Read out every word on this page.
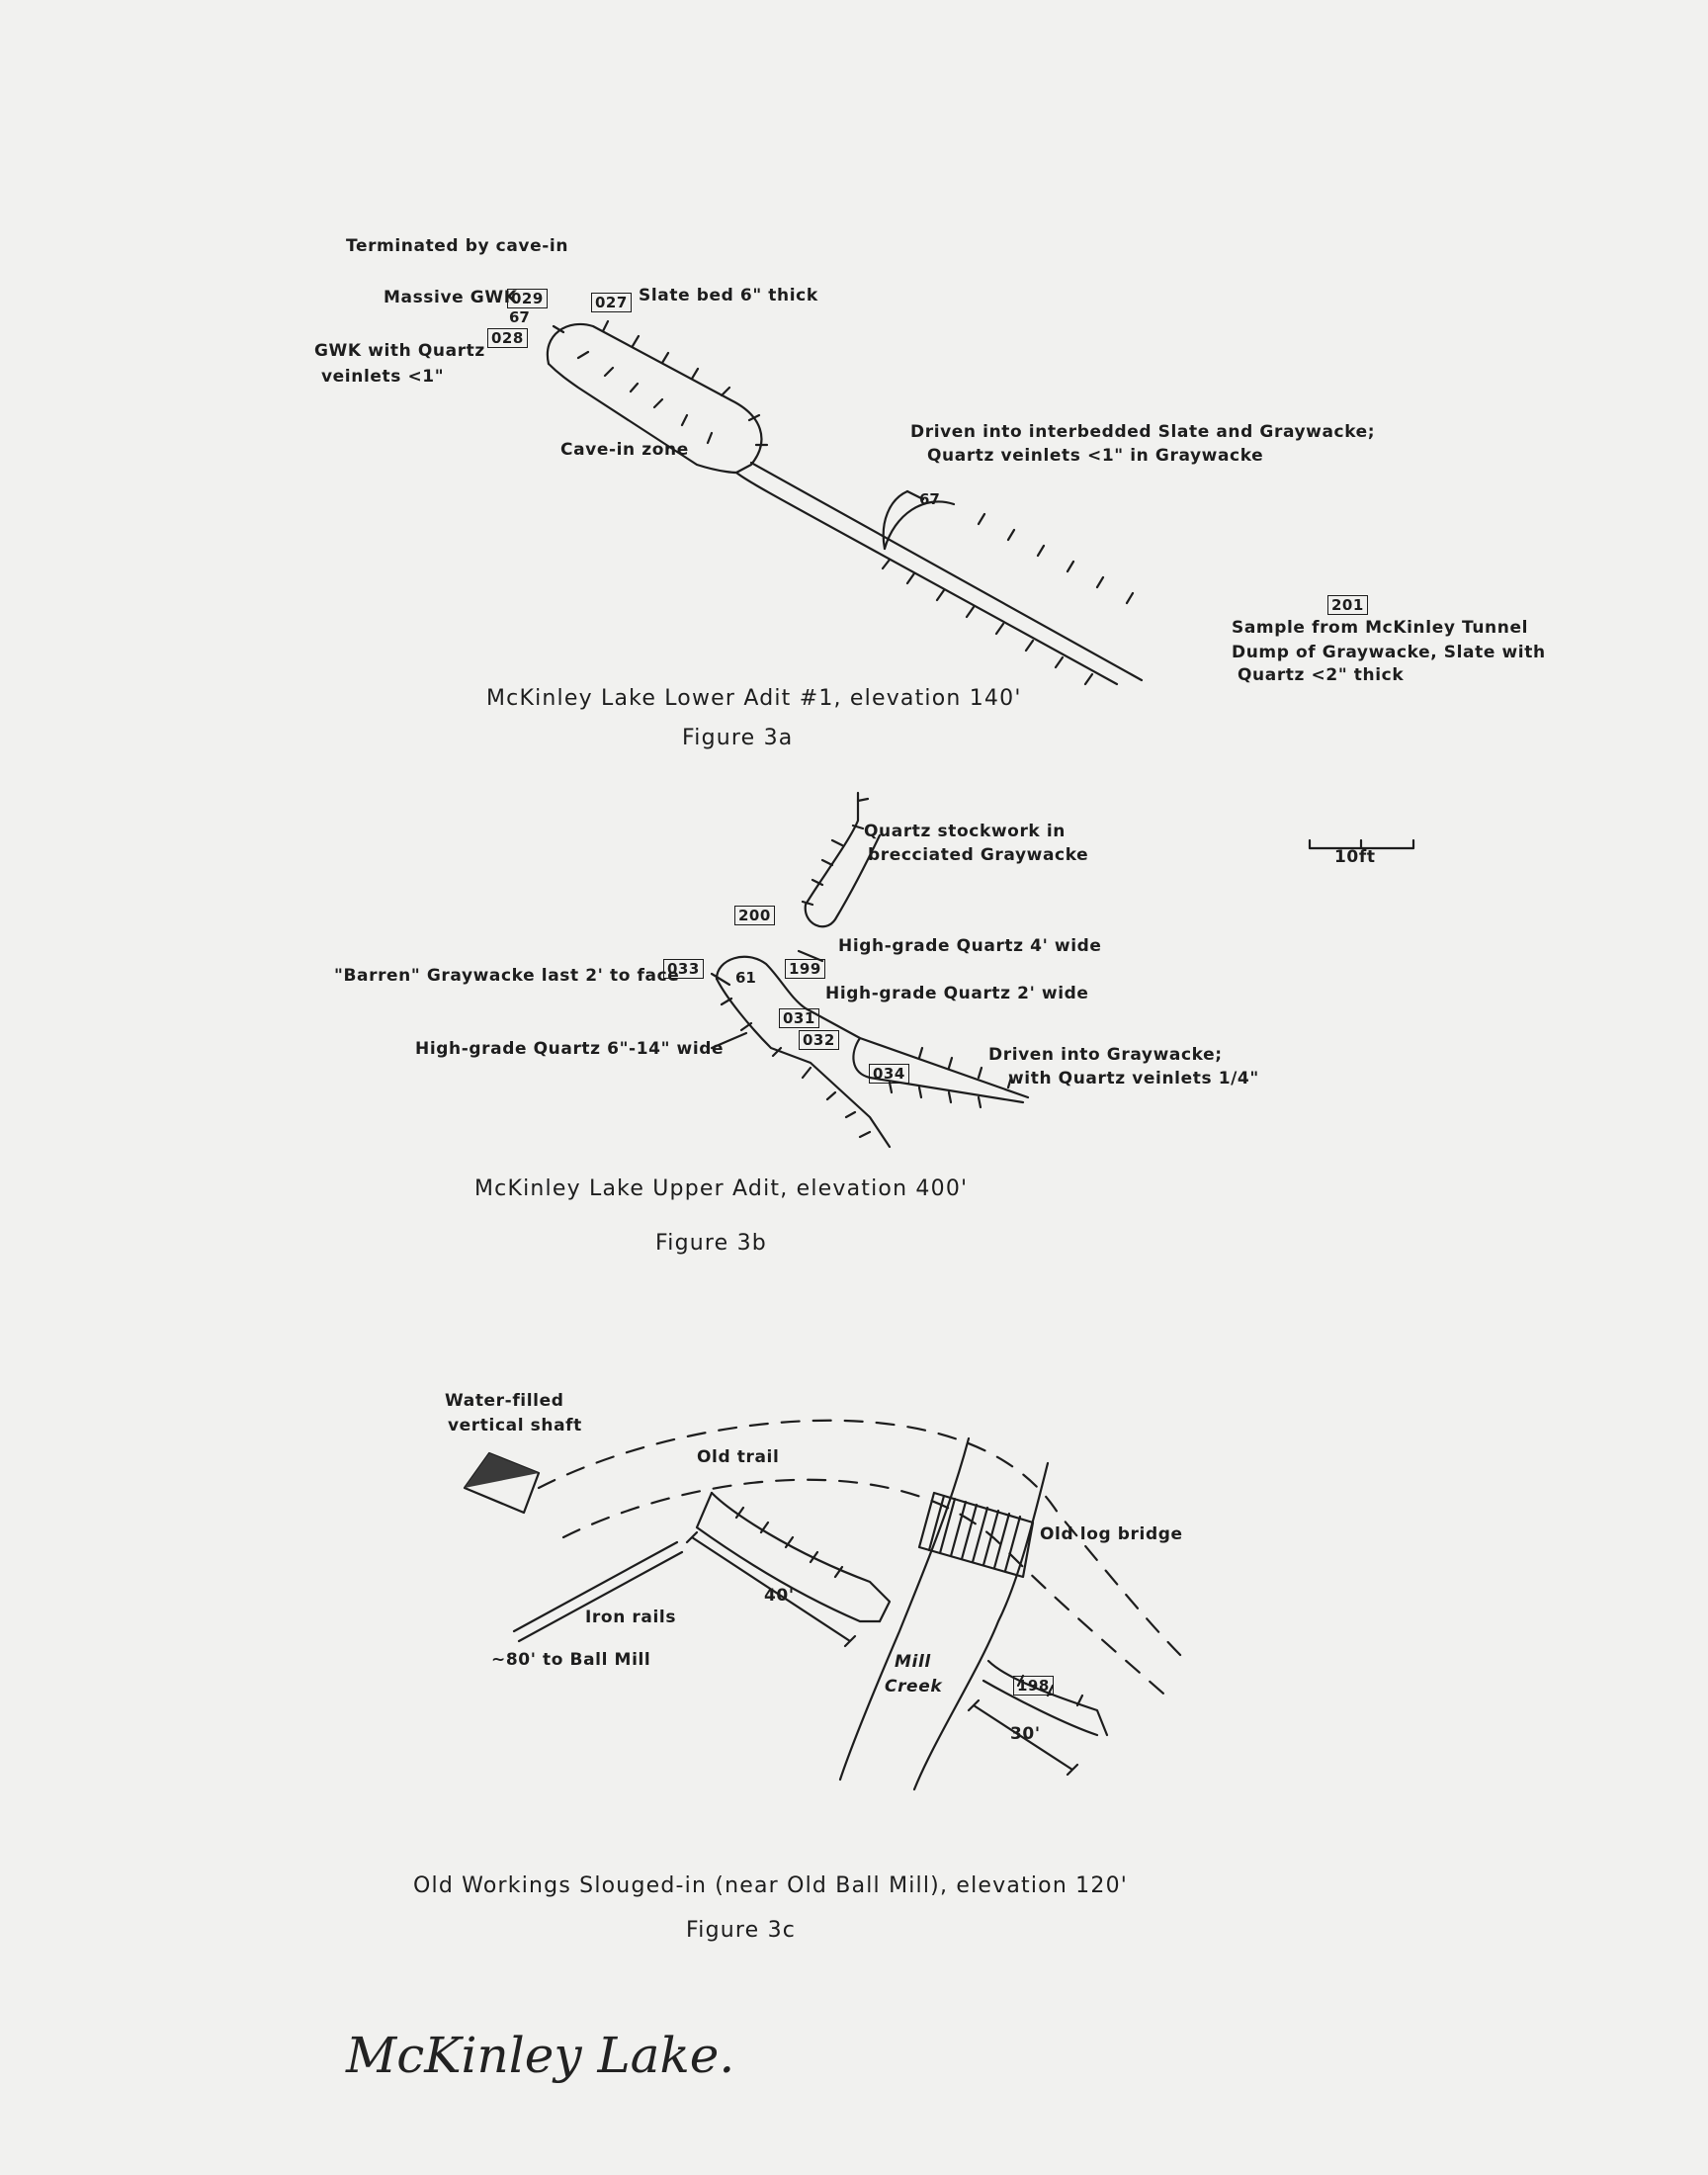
Terminated by cave-in
Massive GWK
029	027 Slate bed 6" thick
67
028
GWK with Quartz
veinlets <1"
Cave-in zone
Driven into interbedded Slate and Graywacke;
Quartz veinlets <1" in Graywacke
67
201
Sample from McKinley Tunnel
Dump of Graywacke, Slate with
Quartz <2" thick
McKinley Lake Lower Adit #1, elevation 140'
Figure 3a
Quartz stockwork in
brecciated Graywacke	10ft
200
High-grade Quartz 4' wide
"Barren" Graywacke last 2' to face
033 61 199
High-grade Quartz 2' wide
031
032
High-grade Quartz 6"-14" wide	Driven into Graywacke;
034	with Quartz veinlets 1/4"
McKinley Lake Upper Adit, elevation 400'
Figure 3b
Water-filled
vertical shaft
Old trail
Old log bridge
40'
Iron rails
~80' to Ball Mill	Mill
Creek	198
30'
Old Workings Slouged-in (near Old Ball Mill), elevation 120'
Figure 3c
McKinley Lake.
